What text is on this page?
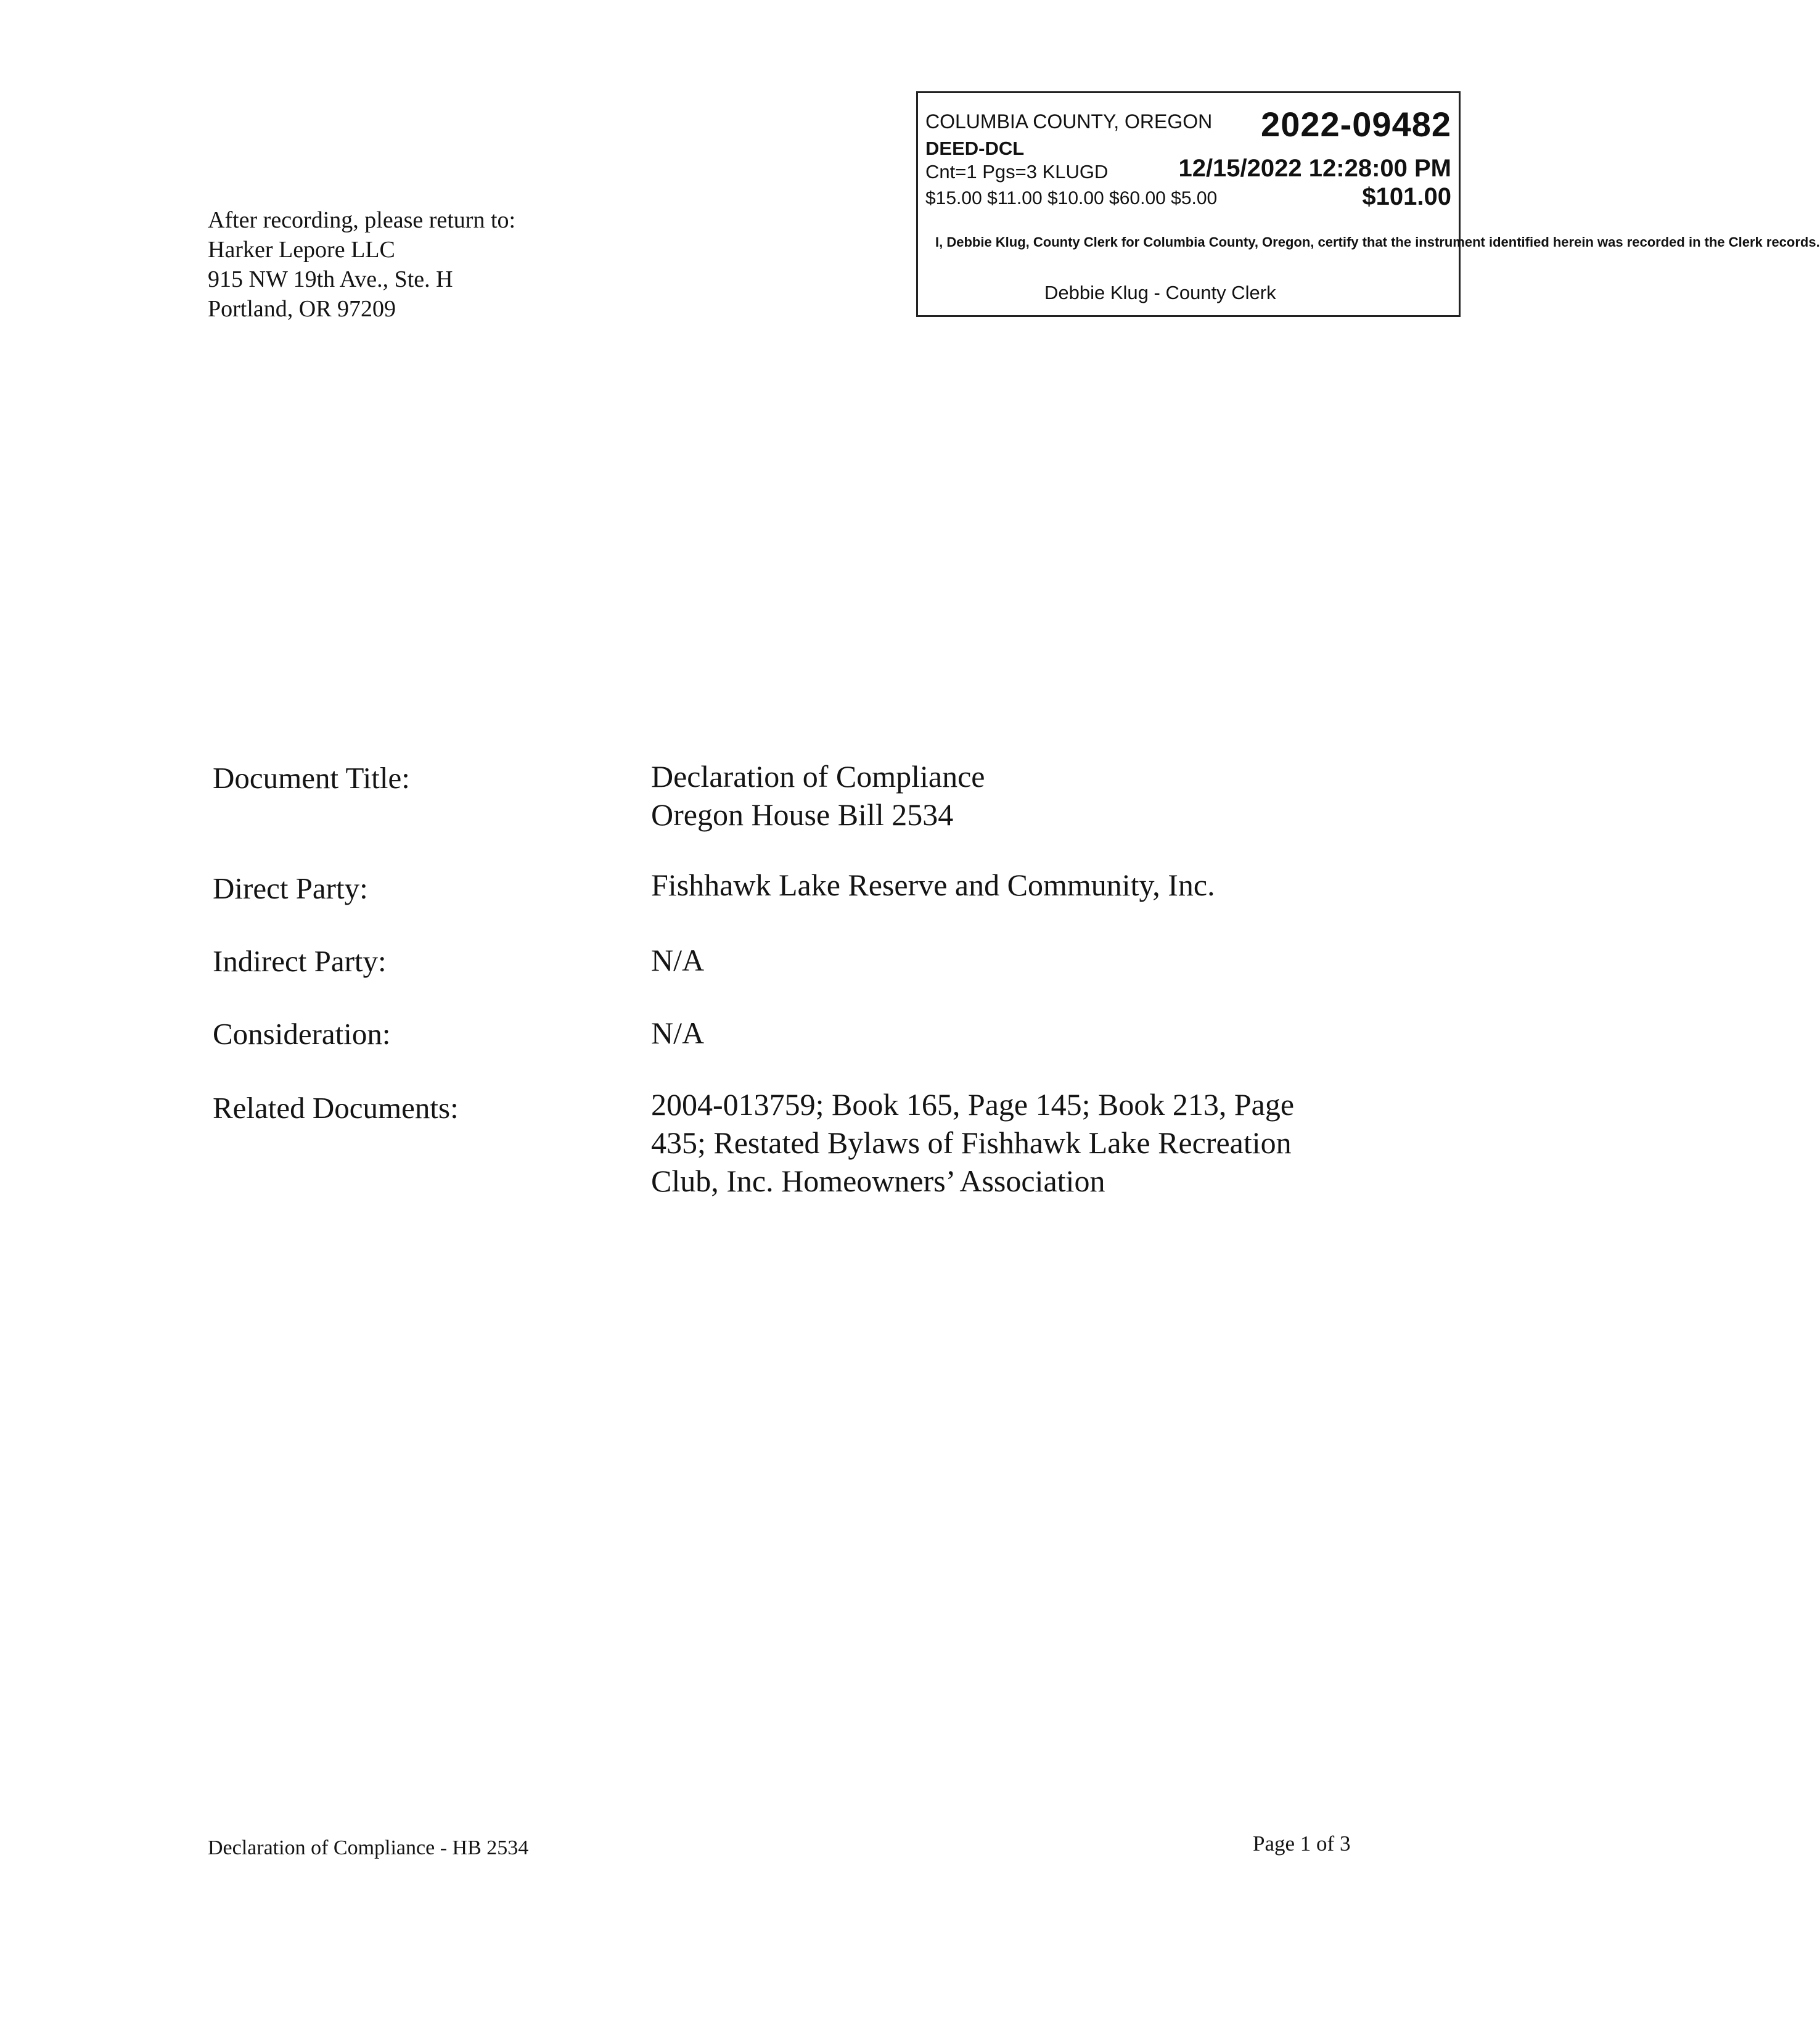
After recording, please return to:
Harker Lepore LLC
915 NW 19th Ave., Ste. H
Portland, OR 97209
COLUMBIA COUNTY, OREGON 2022-09482
DEED-DCL
Cnt=1 Pgs=3 KLUGD	12/15/2022 12:28:00 PM
$15.00 $11.00 $10.00 $60.00 $5.00	$101.00
I, Debbie Klug, County Clerk for Columbia County, Oregon, certify that the instrument identified herein was recorded in the Clerk records.
Debbie Klug - County Clerk
Document Title:	Declaration of Compliance
Oregon House Bill 2534
Direct Party:	Fishhawk Lake Reserve and Community, Inc.
Indirect Party:	N/A
Consideration:	N/A
Related Documents:	2004-013759; Book 165, Page 145; Book 213, Page
435; Restated Bylaws of Fishhawk Lake Recreation
Club, Inc. Homeowners’ Association
Declaration of Compliance - HB 2534	Page 1 of 3
